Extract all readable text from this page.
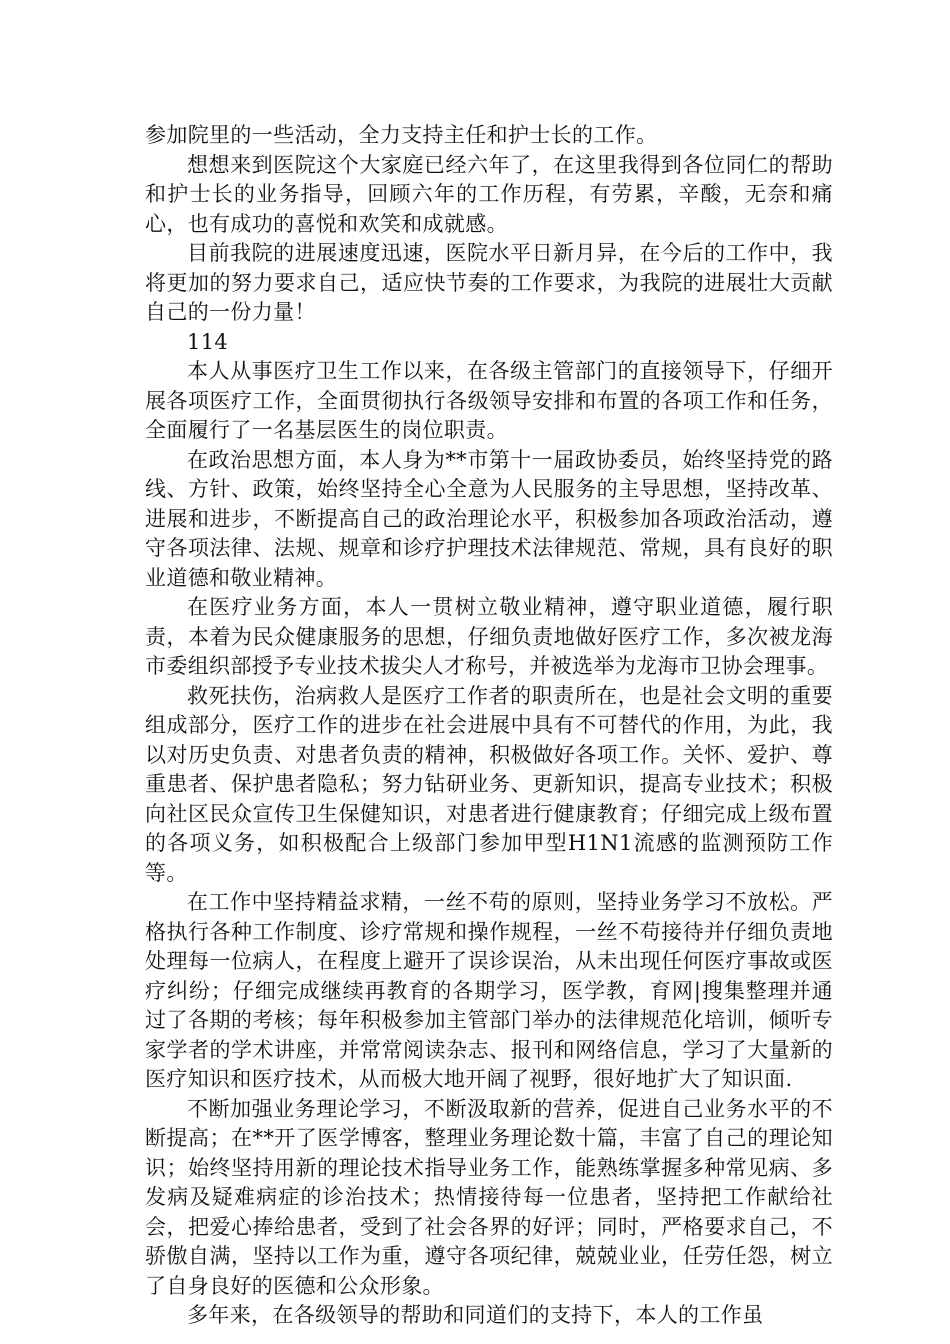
参加院里的一些活动，全力支持主任和护士长的工作。

想想来到医院这个大家庭已经六年了，在这里我得到各位同仁的帮助和护士长的业务指导，回顾六年的工作历程，有劳累，辛酸，无奈和痛心，也有成功的喜悦和欢笑和成就感。

目前我院的进展速度迅速，医院水平日新月异，在今后的工作中，我将更加的努力要求自己，适应快节奏的工作要求，为我院的进展壮大贡献自己的一份力量！

114

本人从事医疗卫生工作以来，在各级主管部门的直接领导下，仔细开展各项医疗工作，全面贯彻执行各级领导安排和布置的各项工作和任务，全面履行了一名基层医生的岗位职责。

在政治思想方面，本人身为**市第十一届政协委员，始终坚持党的路线、方针、政策，始终坚持全心全意为人民服务的主导思想，坚持改革、进展和进步，不断提高自己的政治理论水平，积极参加各项政治活动，遵守各项法律、法规、规章和诊疗护理技术法律规范、常规，具有良好的职业道德和敬业精神。

在医疗业务方面，本人一贯树立敬业精神，遵守职业道德，履行职责，本着为民众健康服务的思想，仔细负责地做好医疗工作，多次被龙海市委组织部授予专业技术拔尖人才称号，并被选举为龙海市卫协会理事。

救死扶伤，治病救人是医疗工作者的职责所在，也是社会文明的重要组成部分，医疗工作的进步在社会进展中具有不可替代的作用，为此，我以对历史负责、对患者负责的精神，积极做好各项工作。关怀、爱护、尊重患者、保护患者隐私；努力钻研业务、更新知识，提高专业技术；积极向社区民众宣传卫生保健知识，对患者进行健康教育；仔细完成上级布置的各项义务，如积极配合上级部门参加甲型H1N1流感的监测预防工作等。

在工作中坚持精益求精，一丝不苟的原则，坚持业务学习不放松。严格执行各种工作制度、诊疗常规和操作规程，一丝不苟接待并仔细负责地处理每一位病人，在程度上避开了误诊误治，从未出现任何医疗事故或医疗纠纷；仔细完成继续再教育的各期学习，医学教，育网|搜集整理并通过了各期的考核；每年积极参加主管部门举办的法律规范化培训，倾听专家学者的学术讲座，并常常阅读杂志、报刊和网络信息，学习了大量新的医疗知识和医疗技术，从而极大地开阔了视野，很好地扩大了知识面.

不断加强业务理论学习，不断汲取新的营养，促进自己业务水平的不断提高；在**开了医学博客，整理业务理论数十篇，丰富了自己的理论知识；始终坚持用新的理论技术指导业务工作，能熟练掌握多种常见病、多发病及疑难病症的诊治技术；热情接待每一位患者，坚持把工作献给社会，把爱心捧给患者，受到了社会各界的好评；同时，严格要求自己，不骄傲自满，坚持以工作为重，遵守各项纪律，兢兢业业，任劳任怨，树立了自身良好的医德和公众形象。

多年来，在各级领导的帮助和同道们的支持下，本人的工作虽
